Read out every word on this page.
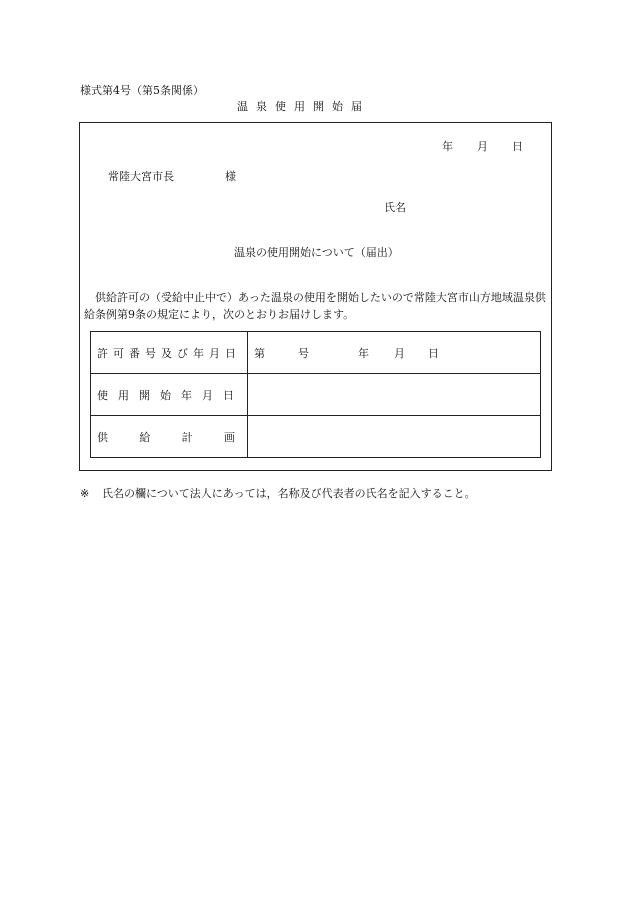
様式第4号（第5条関係）
温泉使用開始届
年 月 日
常陸大宮市長	様
氏名
温泉の使用開始について（届出）
供給許可の（受給中止中で）あった温泉の使用を開始したいので常陸大宮市山方地域温泉供給条例第9条の規定により，次のとおりお届けします。
許可番号及び年月日	第 号 年 月 日
使用開始年月日	

供 給 計 画	

※ 氏名の欄について法人にあっては，名称及び代表者の氏名を記入すること。
